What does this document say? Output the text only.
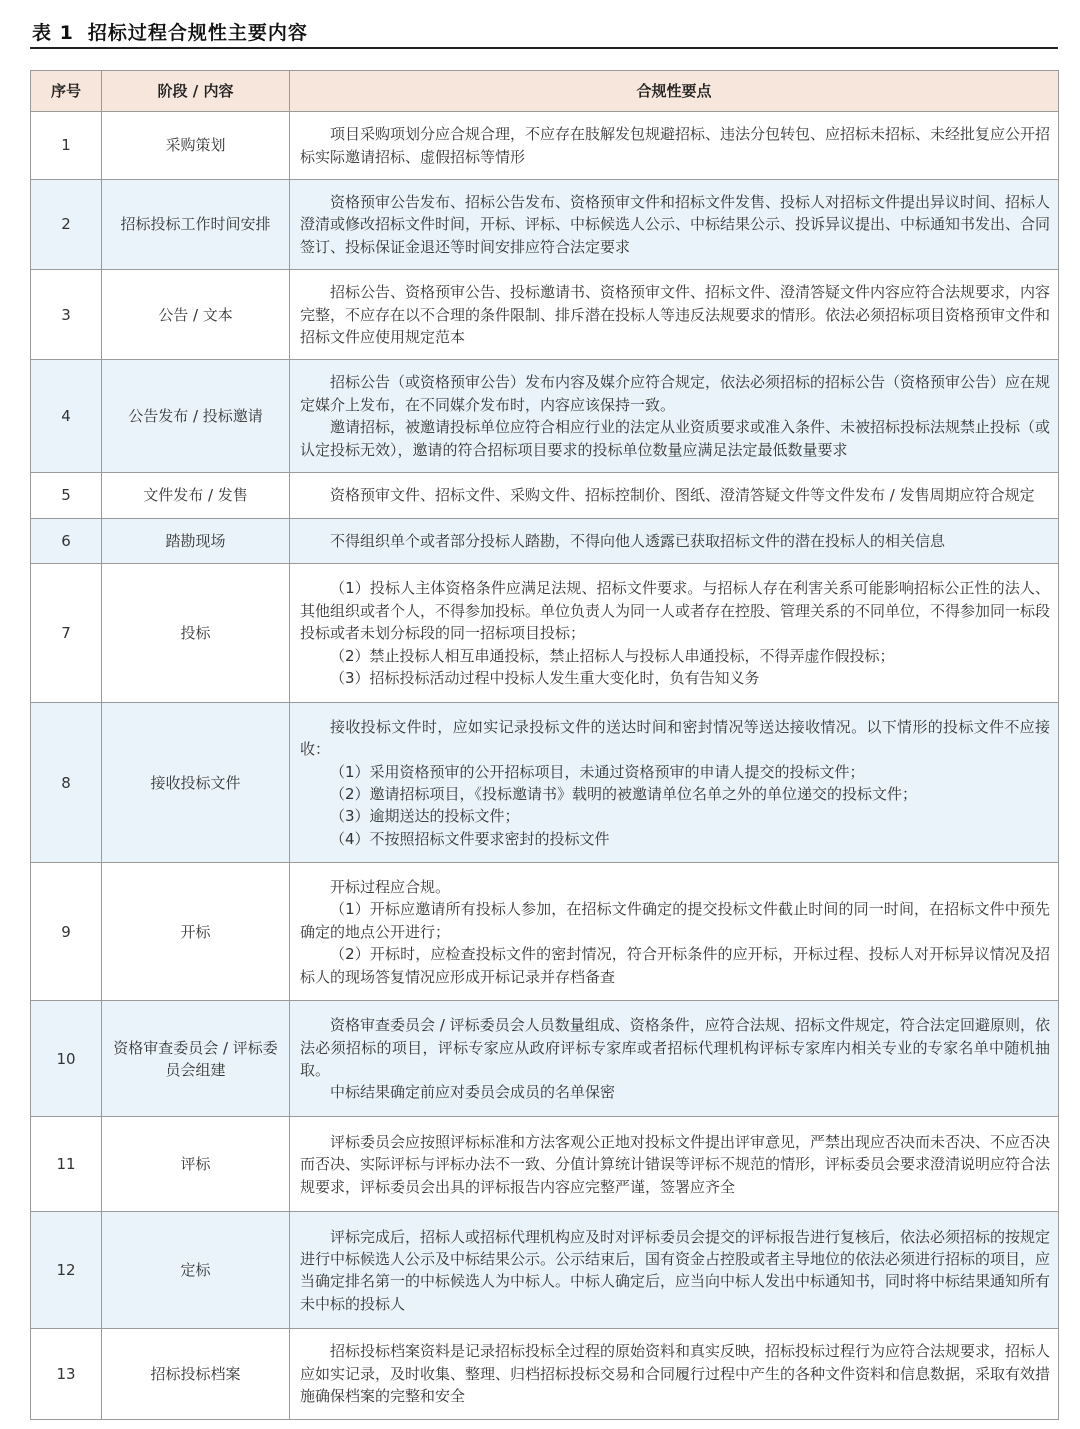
表 1 招标过程合规性主要内容
序号	阶段 / 内容	合规性要点
1	采购策划	项目采购项划分应合规合理，不应存在肢解发包规避招标、违法分包转包、应招标未招标、未经批复应公开招标实际邀请招标、虚假招标等情形

2	招标投标工作时间安排	资格预审公告发布、招标公告发布、资格预审文件和招标文件发售、投标人对招标文件提出异议时间、招标人澄清或修改招标文件时间，开标、评标、中标候选人公示、中标结果公示、投诉异议提出、中标通知书发出、合同签订、投标保证金退还等时间安排应符合法定要求

3	公告 / 文本	招标公告、资格预审公告、投标邀请书、资格预审文件、招标文件、澄清答疑文件内容应符合法规要求，内容完整，不应存在以不合理的条件限制、排斥潜在投标人等违反法规要求的情形。依法必须招标项目资格预审文件和招标文件应使用规定范本

4	公告发布 / 投标邀请	招标公告（或资格预审公告）发布内容及媒介应符合规定，依法必须招标的招标公告（资格预审公告）应在规定媒介上发布，在不同媒介发布时，内容应该保持一致。
邀请招标，被邀请投标单位应符合相应行业的法定从业资质要求或准入条件、未被招标投标法规禁止投标（或认定投标无效），邀请的符合招标项目要求的投标单位数量应满足法定最低数量要求

5	文件发布 / 发售	资格预审文件、招标文件、采购文件、招标控制价、图纸、澄清答疑文件等文件发布 / 发售周期应符合规定

6	踏勘现场	不得组织单个或者部分投标人踏勘，不得向他人透露已获取招标文件的潜在投标人的相关信息

7	投标	（1）投标人主体资格条件应满足法规、招标文件要求。与招标人存在利害关系可能影响招标公正性的法人、其他组织或者个人，不得参加投标。单位负责人为同一人或者存在控股、管理关系的不同单位，不得参加同一标段投标或者未划分标段的同一招标项目投标；
（2）禁止投标人相互串通投标，禁止招标人与投标人串通投标，不得弄虚作假投标；
（3）招标投标活动过程中投标人发生重大变化时，负有告知义务

8	接收投标文件	接收投标文件时，应如实记录投标文件的送达时间和密封情况等送达接收情况。以下情形的投标文件不应接收：
（1）采用资格预审的公开招标项目，未通过资格预审的申请人提交的投标文件；
（2）邀请招标项目，《投标邀请书》载明的被邀请单位名单之外的单位递交的投标文件；
（3）逾期送达的投标文件；
（4）不按照招标文件要求密封的投标文件

9	开标	开标过程应合规。
（1）开标应邀请所有投标人参加，在招标文件确定的提交投标文件截止时间的同一时间，在招标文件中预先确定的地点公开进行；
（2）开标时，应检查投标文件的密封情况，符合开标条件的应开标，开标过程、投标人对开标异议情况及招标人的现场答复情况应形成开标记录并存档备查

10	资格审查委员会 / 评标委员会组建	资格审查委员会 / 评标委员会人员数量组成、资格条件，应符合法规、招标文件规定，符合法定回避原则，依法必须招标的项目，评标专家应从政府评标专家库或者招标代理机构评标专家库内相关专业的专家名单中随机抽取。
中标结果确定前应对委员会成员的名单保密

11	评标	评标委员会应按照评标标准和方法客观公正地对投标文件提出评审意见，严禁出现应否决而未否决、不应否决而否决、实际评标与评标办法不一致、分值计算统计错误等评标不规范的情形，评标委员会要求澄清说明应符合法规要求，评标委员会出具的评标报告内容应完整严谨，签署应齐全

12	定标	评标完成后，招标人或招标代理机构应及时对评标委员会提交的评标报告进行复核后，依法必须招标的按规定进行中标候选人公示及中标结果公示。公示结束后，国有资金占控股或者主导地位的依法必须进行招标的项目，应当确定排名第一的中标候选人为中标人。中标人确定后，应当向中标人发出中标通知书，同时将中标结果通知所有未中标的投标人

13	招标投标档案	招标投标档案资料是记录招标投标全过程的原始资料和真实反映，招标投标过程行为应符合法规要求，招标人应如实记录，及时收集、整理、归档招标投标交易和合同履行过程中产生的各种文件资料和信息数据，采取有效措施确保档案的完整和安全
